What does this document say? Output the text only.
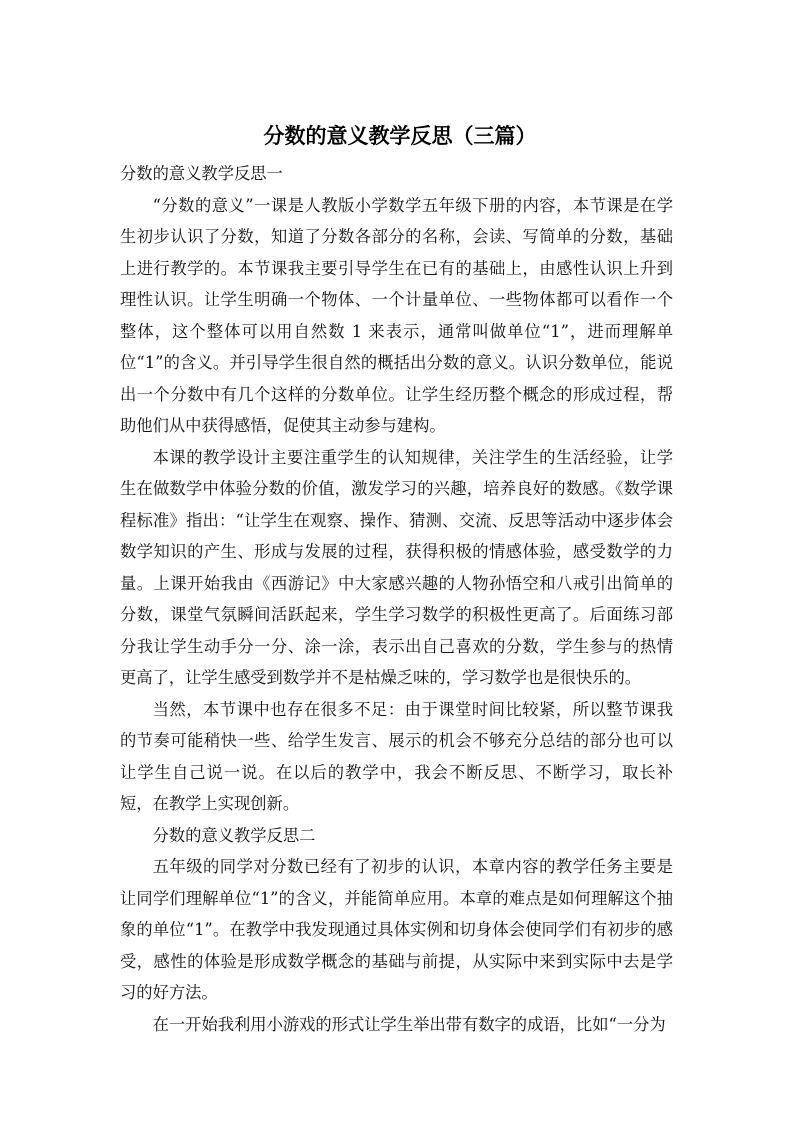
分数的意义教学反思（三篇）

分数的意义教学反思一

“分数的意义”一课是人教版小学数学五年级下册的内容，本节课是在学生初步认识了分数，知道了分数各部分的名称，会读、写简单的分数，基础上进行教学的。本节课我主要引导学生在已有的基础上，由感性认识上升到理性认识。让学生明确一个物体、一个计量单位、一些物体都可以看作一个整体，这个整体可以用自然数 1 来表示，通常叫做单位“1”，进而理解单位“1”的含义。并引导学生很自然的概括出分数的意义。认识分数单位，能说出一个分数中有几个这样的分数单位。让学生经历整个概念的形成过程，帮助他们从中获得感悟，促使其主动参与建构。

本课的教学设计主要注重学生的认知规律，关注学生的生活经验，让学生在做数学中体验分数的价值，激发学习的兴趣，培养良好的数感。《数学课程标准》指出：“让学生在观察、操作、猜测、交流、反思等活动中逐步体会数学知识的产生、形成与发展的过程，获得积极的情感体验，感受数学的力量。上课开始我由《西游记》中大家感兴趣的人物孙悟空和八戒引出简单的分数，课堂气氛瞬间活跃起来，学生学习数学的积极性更高了。后面练习部分我让学生动手分一分、涂一涂，表示出自己喜欢的分数，学生参与的热情更高了，让学生感受到数学并不是枯燥乏味的，学习数学也是很快乐的。

当然，本节课中也存在很多不足：由于课堂时间比较紧，所以整节课我的节奏可能稍快一些、给学生发言、展示的机会不够充分总结的部分也可以让学生自己说一说。在以后的教学中，我会不断反思、不断学习，取长补短，在教学上实现创新。

分数的意义教学反思二

五年级的同学对分数已经有了初步的认识，本章内容的教学任务主要是让同学们理解单位“1”的含义，并能简单应用。本章的难点是如何理解这个抽象的单位“1”。在教学中我发现通过具体实例和切身体会使同学们有初步的感受，感性的体验是形成数学概念的基础与前提，从实际中来到实际中去是学习的好方法。

在一开始我利用小游戏的形式让学生举出带有数字的成语，比如“一分为
